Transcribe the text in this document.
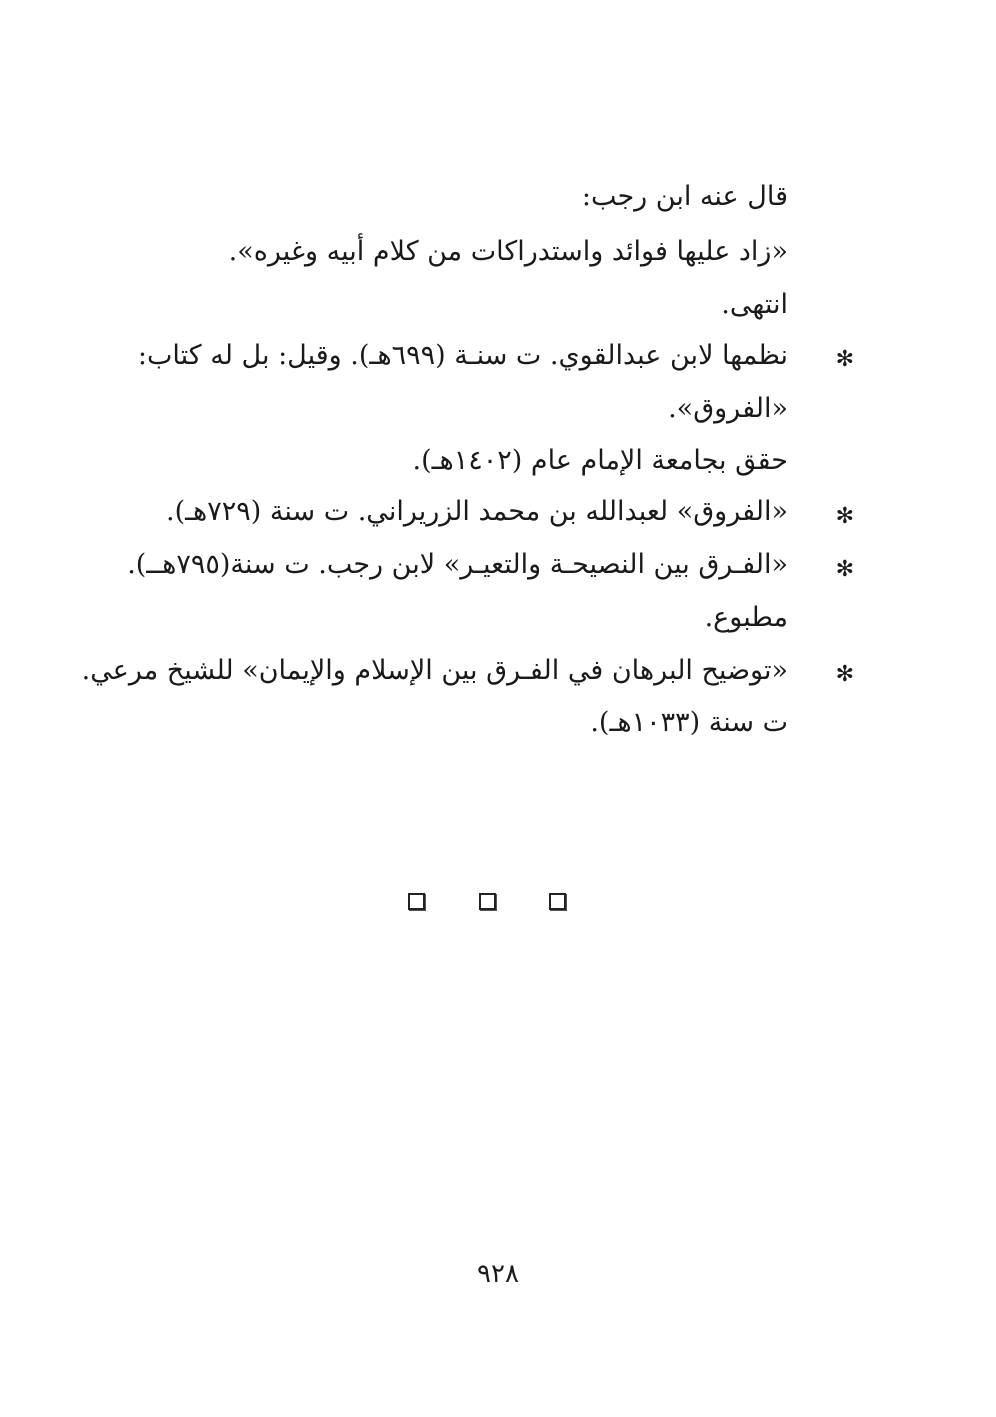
قال عنه ابن رجب:
«زاد عليها فوائد واستدراكات من كلام أبيه وغيره».
انتهى.
✻
نظمها لابن عبدالقوي. ت سنـة (٦٩٩هـ). وقيل: بل له كتاب:
«الفروق».
حقق بجامعة الإمام عام (١٤٠٢هـ).
✻
«الفروق» لعبدالله بن محمد الزريراني. ت سنة (٧٢٩هـ).
✻
«الفـرق بين النصيحـة والتعيـر» لابن رجب. ت سنة(٧٩٥هــ).
مطبوع.
✻
«توضيح البرهان في الفـرق بين الإسلام والإيمان» للشيخ مرعي.
ت سنة (١٠٣٣هـ).
٩٢٨
